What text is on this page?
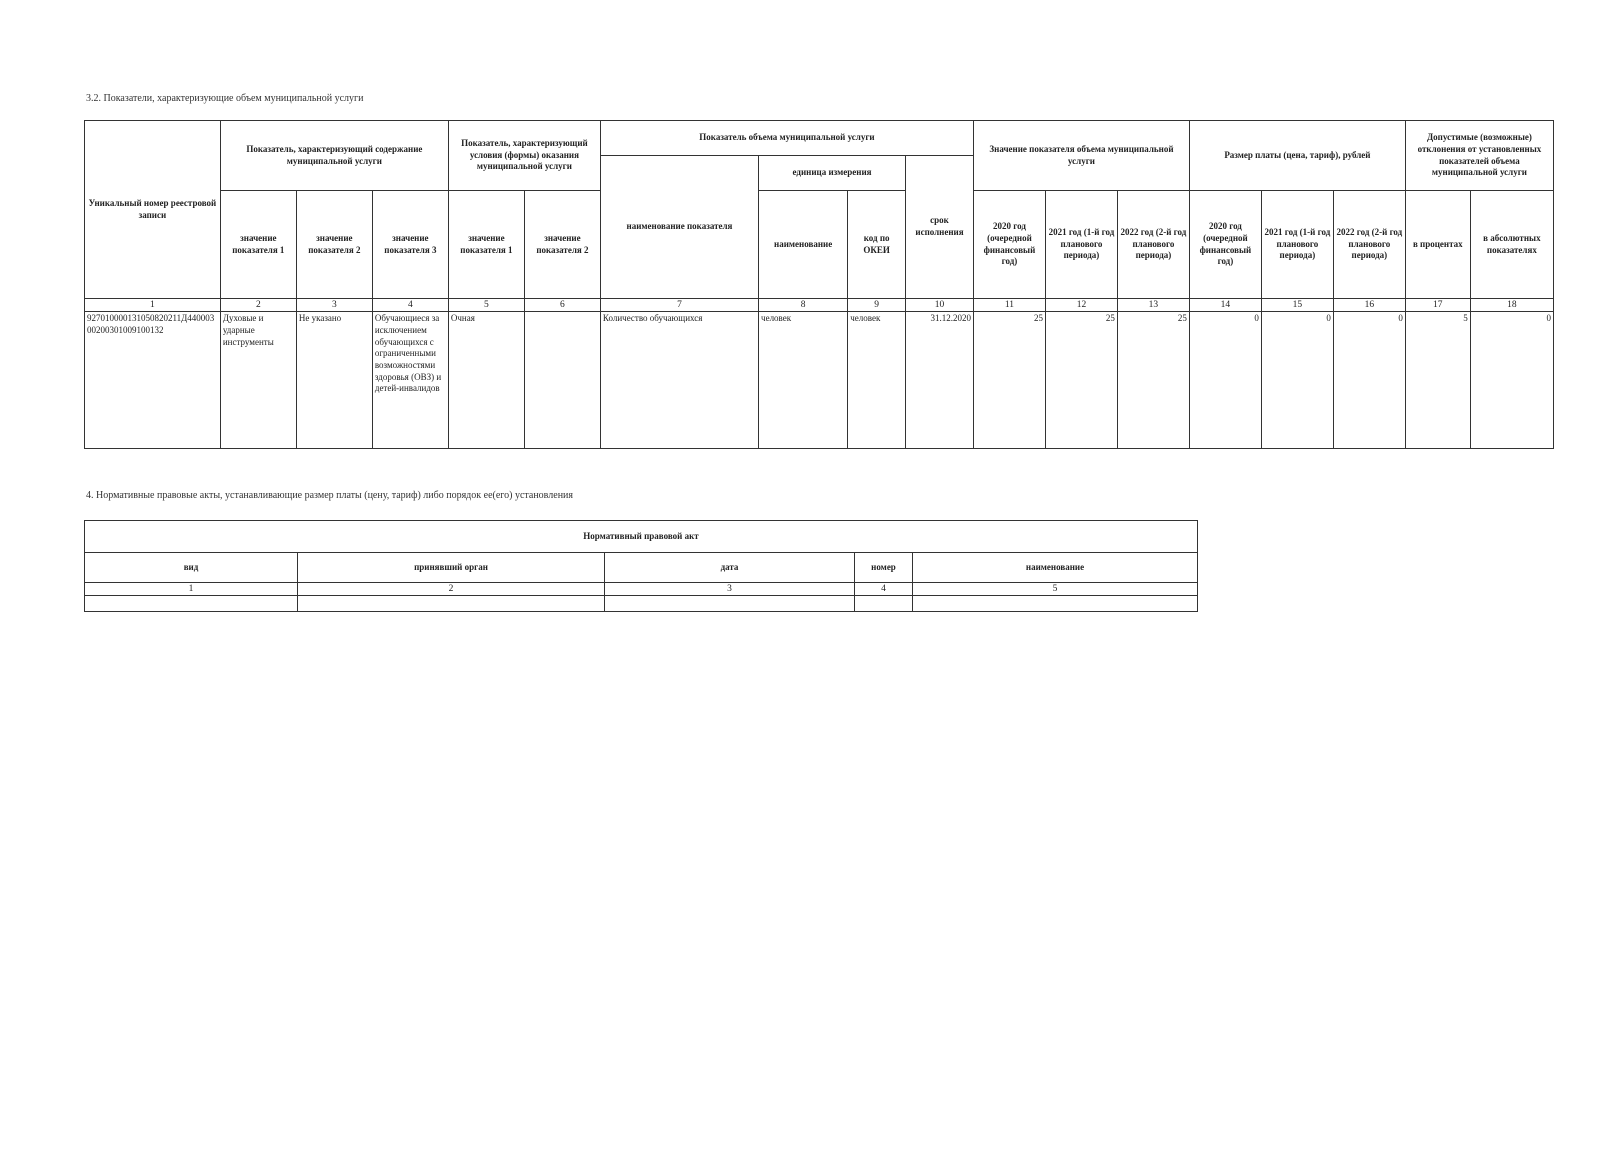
3.2. Показатели, характеризующие объем муниципальной услуги
Уникальный номер реестровой записи	Показатель, характеризующий содержание муниципальной услуги			Показатель, характеризующий условия (формы) оказания муниципальной услуги		Показатель объема муниципальной услуги				Значение показателя объема муниципальной услуги			Размер платы (цена, тариф), рублей			Допустимые (возможные) отклонения от установленных показателей объема муниципальной услуги	
						наименование показателя	единица измерения		срок исполнения								
	значение показателя 1	значение показателя 2	значение показателя 3	значение показателя 1	значение показателя 2		наименование	код по ОКЕИ		2020 год (очередной финансовый год)	2021 год (1-й год планового периода)	2022 год (2-й год планового периода)	2020 год (очередной финансовый год)	2021 год (1-й год планового периода)	2022 год (2-й год планового периода)	в процентах	в абсолютных показателях
1	2	3	4	5	6	7	8	9	10	11	12	13	14	15	16	17	18
927010000131050820211Д44000300200301009100132	Духовые и ударные инструменты	Не указано	Обучающиеся за исключением обучающихся с ограниченными возможностями здоровья (ОВЗ) и детей-инвалидов	Очная		Количество обучающихся	человек	человек	31.12.2020	25	25	25	0	0	0	5	0
4. Нормативные правовые акты, устанавливающие размер платы (цену, тариф) либо порядок ее(его) установления
Нормативный правовой акт				
вид	принявший орган	дата	номер	наименование
1	2	3	4	5
